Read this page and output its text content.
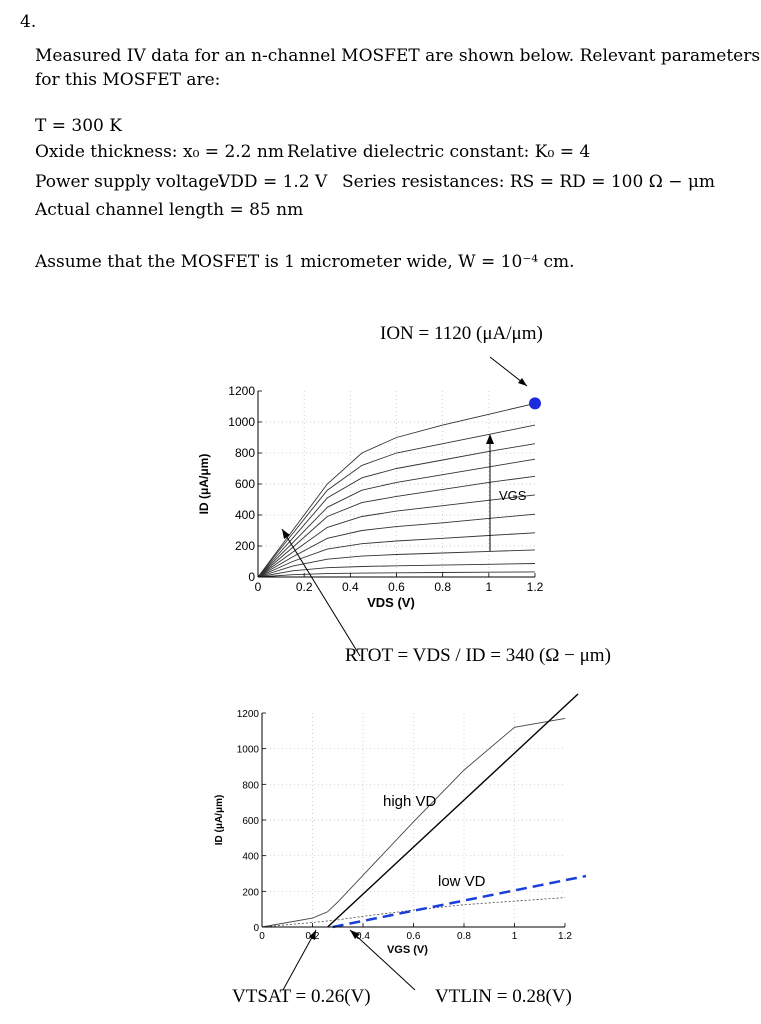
4.
Measured IV data for an n-channel MOSFET are shown below. Relevant parameters
for this MOSFET are:
T = 300 K
Oxide thickness: x₀ = 2.2 nm Relative dielectric constant: K₀ = 4
Power supply voltage:
VDD = 1.2 V Series resistances: RS = RD = 100 Ω − μm
Actual channel length = 85 nm
Assume that the MOSFET is 1 micrometer wide, W = 10⁻⁴ cm.
ION = 1120 (μA/μm)
RTOT = VDS / ID = 340 (Ω − μm)
VTSAT = 0.26(V)	VTLIN = 0.28(V)
0
200
400
600
800
1000
1200
0	0.2 0.4 0.6 0.8	1	1.2
VDS (V)
ID (μA/μm)	VGS
0
200
400
600
800
1000
1200
0	0.2	0.4	0.6	0.8	1	1.2
VGS (V)
ID (μA/μm)	high VD
low VD
